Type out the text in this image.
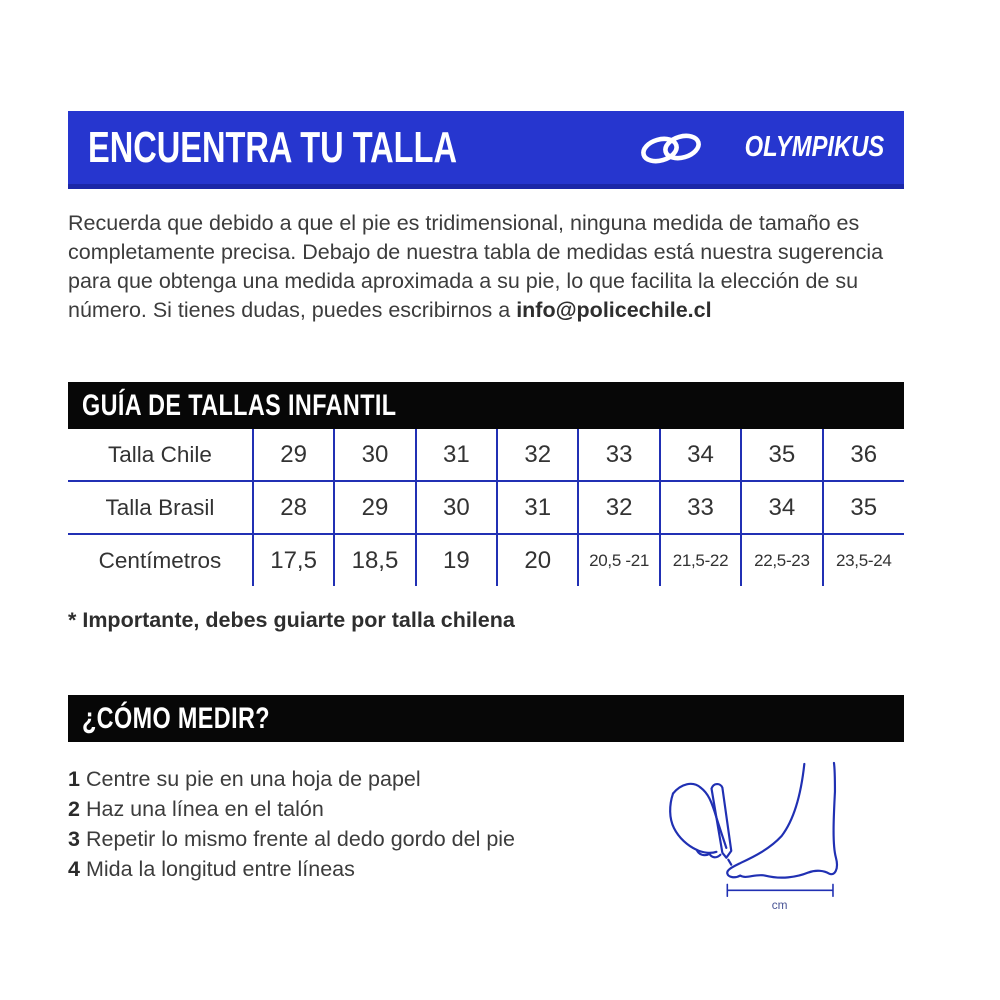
ENCUENTRA TU TALLA	OLYMPIKUS

Recuerda que debido a que el pie es tridimensional, ninguna medida de tamaño es completamente precisa. Debajo de nuestra tabla de medidas está nuestra sugerencia para que obtenga una medida aproximada a su pie, lo que facilita la elección de su número. Si tienes dudas, puedes escribirnos a info@policechile.cl

GUÍA DE TALLAS INFANTIL
Talla Chile	29	30	31	32	33	34	35	36
Talla Brasil	28	29	30	31	32	33	34	35
Centímetros	17,5	18,5	19	20	20,5 -21	21,5-22	22,5-23	23,5-24

* Importante, debes guiarte por talla chilena

¿CÓMO MEDIR?
1 Centre su pie en una hoja de papel
2 Haz una línea en el talón
3 Repetir lo mismo frente al dedo gordo del pie
4 Mida la longitud entre líneas
cm
